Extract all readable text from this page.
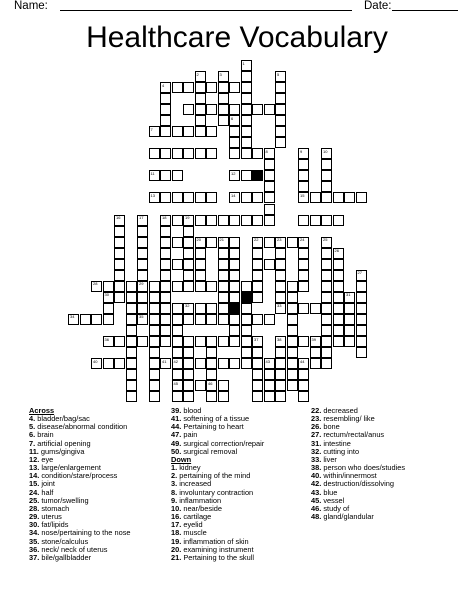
Name:	Date:
Healthcare Vocabulary
4
7
11	12
13	14	15
18	19
20	22	23
28	29
32	33
34	35
36	38	39
40	41 42	43	44
45	46
1
2	3	5
6
8	9	10
16	17
21	24	25
26
37
31
27
30
Across
4. bladder/bag/sac
5. disease/abnormal condition
6. brain
7. artificial opening
11. gums/gingiva
12. eye
13. large/enlargement
14. condition/stare/process
15. joint
24. half
25. tumor/swelling
28. stomach
29. uterus
30. fat/lipids
34. nose/pertaining to the nose
35. stone/calculus
36. neck/ neck of uterus
37. bile/gallbladder
39. blood
41. softening of a tissue
44. Pertaining to heart
47. pain
49. surgical correction/repair
50. surgical removal
Down
1. kidney
2. pertaining of the mind
3. increased
8. involuntary contraction
9. inflammation
10. near/beside
16. cartilage
17. eyelid
18. muscle
19. inflammation of skin
20. examining instrument
21. Pertaining to the skull
22. decreased
23. resembling/ like
26. bone
27. rectum/rectal/anus
31. intestine
32. cutting into
33. liver
38. person who does/studies
40. within/innermost
42. destruction/dissolving
43. blue
45. vessel
46. study of
48. gland/glandular
